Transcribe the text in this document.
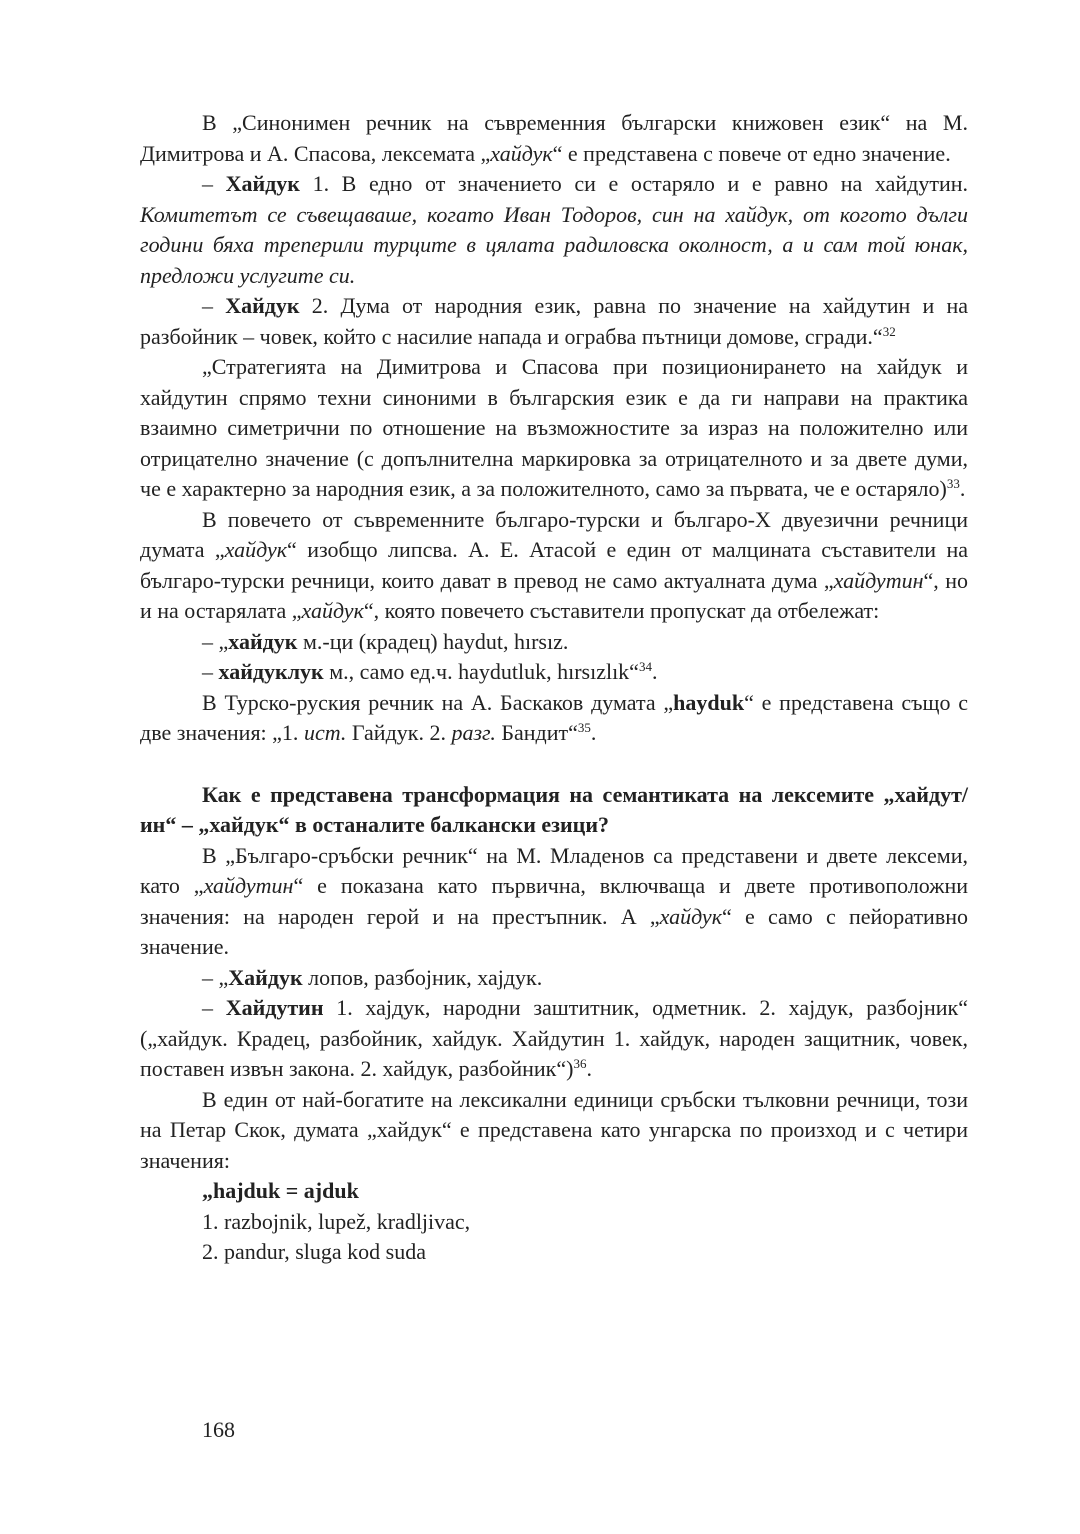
В „Синонимен речник на съвременния български книжовен език“ на М. Димитрова и А. Спасова, лексемата „хайдук“ е представена с повече от едно значение.

– Хайдук 1. В едно от значението си е остаряло и е равно на хайдутин. Комитетът се съвещаваше, когато Иван Тодоров, син на хайдук, от когото дълги години бяха треперили турците в цялата радиловска околност, а и сам той юнак, предложи услугите си.

– Хайдук 2. Дума от народния език, равна по значение на хайдутин и на разбойник – човек, който с насилие напада и ограбва пътници домове, сгради.“$^{32}$

„Стратегията на Димитрова и Спасова при позиционирането на хайдук и хайдутин спрямо техни синоними в българския език е да ги направи на практика взаимно симетрични по отношение на възможностите за израз на положително или отрицателно значение (с допълнителна маркировка за отрицателното и за двете думи, че е характерно за народния език, а за положителното, само за първата, че е остаряло)$^{33}$.

В повечето от съвременните българо-турски и българо-Х двуезични речници думата „хайдук“ изобщо липсва. А. Е. Атасой е един от малцината съставители на българо-турски речници, които дават в превод не само актуалната дума „хайдутин“, но и на остарялата „хайдук“, която повечето съставители пропускат да отбележат:

– „хайдук м.-ци (крадец) haydut, hırsız.

– хайдуклук м., само ед.ч. haydutluk, hırsızlık“$^{34}$.

В Турско-руския речник на А. Баскаков думата „hayduk“ е представена също с две значения: „1. ист. Гайдук. 2. разг. Бандит“$^{35}$.

Как е представена трансформация на семантиката на лексемите „хайдут/ин“ – „хайдук“ в останалите балкански езици?

В „Българо-сръбски речник“ на М. Младенов са представени и двете лексеми, като „хайдутин“ е показана като първична, включваща и двете противоположни значения: на народен герой и на престъпник. А „хайдук“ е само с пейоративно значение.

– „Хайдук лопов, разбојник, хајдук.

– Хайдутин 1. хајдук, народни заштитник, одметник. 2. хајдук, разбојник“ („хайдук. Крадец, разбойник, хайдук. Хайдутин 1. хайдук, народен защитник, човек, поставен извън закона. 2. хайдук, разбойник“)$^{36}$.

В един от най-богатите на лексикални единици сръбски тълковни речници, този на Петар Скок, думата „хайдук“ е представена като унгарска по произход и с четири значения:

„hajduk = ajduk

1. razbojnik, lupež, kradljivac,

2. pandur, sluga kod suda

168
